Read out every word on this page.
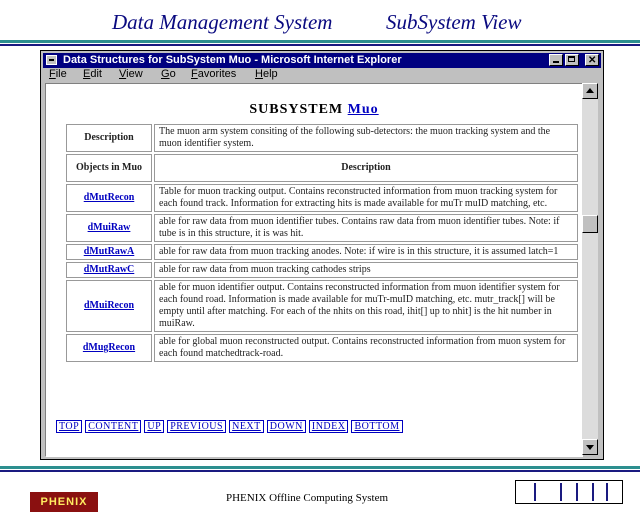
Data Management System	SubSystem View
Data Structures for SubSystem Muo - Microsoft Internet Explorer
✕
File Edit View Go Favorites Help
SUBSYSTEM Muo
Description	The muon arm system consiting of the following sub-detectors: the muon tracking system and the muon identifier system.
Objects in Muo	Description
dMutRecon	Table for muon tracking output. Contains reconstructed information from muon tracking system for each found track. Information for extracting hits is made available for muTr muID matching, etc.
dMuiRaw	able for raw data from muon identifier tubes. Contains raw data from muon identifier tubes. Note: if tube is in this structure, it is was hit.
dMutRawA	able for raw data from muon tracking anodes. Note: if wire is in this structure, it is assumed latch=1
dMutRawC	able for raw data from muon tracking cathodes strips
dMuiRecon	able for muon identifier output. Contains reconstructed information from muon identifier system for each found road. Information is made available for muTr-muID matching, etc. mutr_track[] will be empty until after matching. For each of the nhits on this road, ihit[] up to nhit] is the hit number in muiRaw.
dMugRecon	able for global muon reconstructed output. Contains reconstructed information from muon system for each found matchedtrack-road.
TOP CONTENT UP PREVIOUS NEXT DOWN INDEX BOTTOM
PHENIX	PHENIX Offline Computing System
